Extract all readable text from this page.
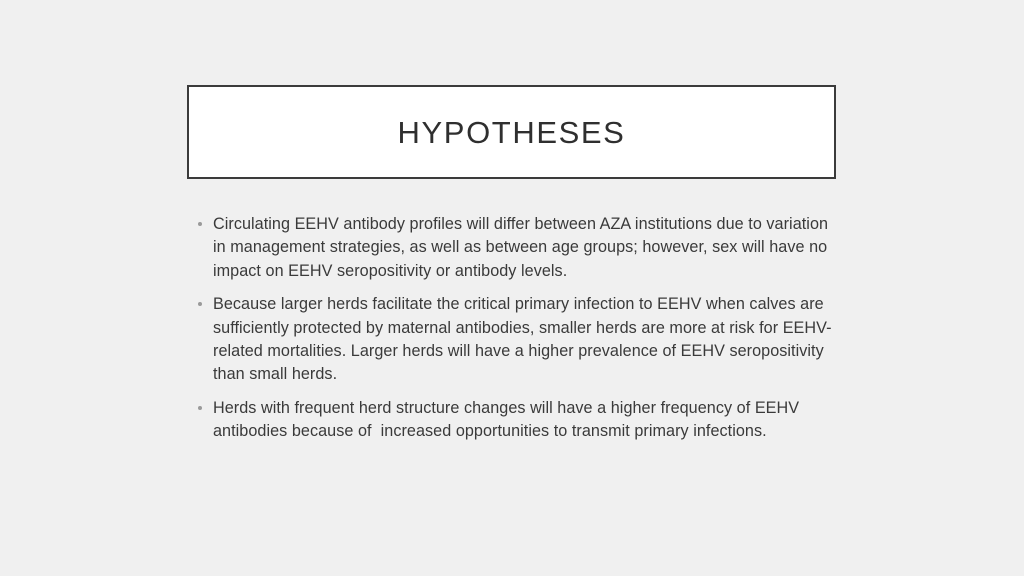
HYPOTHESES
Circulating EEHV antibody profiles will differ between AZA institutions due to variation in management strategies, as well as between age groups; however, sex will have no impact on EEHV seropositivity or antibody levels.
Because larger herds facilitate the critical primary infection to EEHV when calves are sufficiently protected by maternal antibodies, smaller herds are more at risk for EEHV-related mortalities. Larger herds will have a higher prevalence of EEHV seropositivity than small herds.
Herds with frequent herd structure changes will have a higher frequency of EEHV antibodies because of  increased opportunities to transmit primary infections.
